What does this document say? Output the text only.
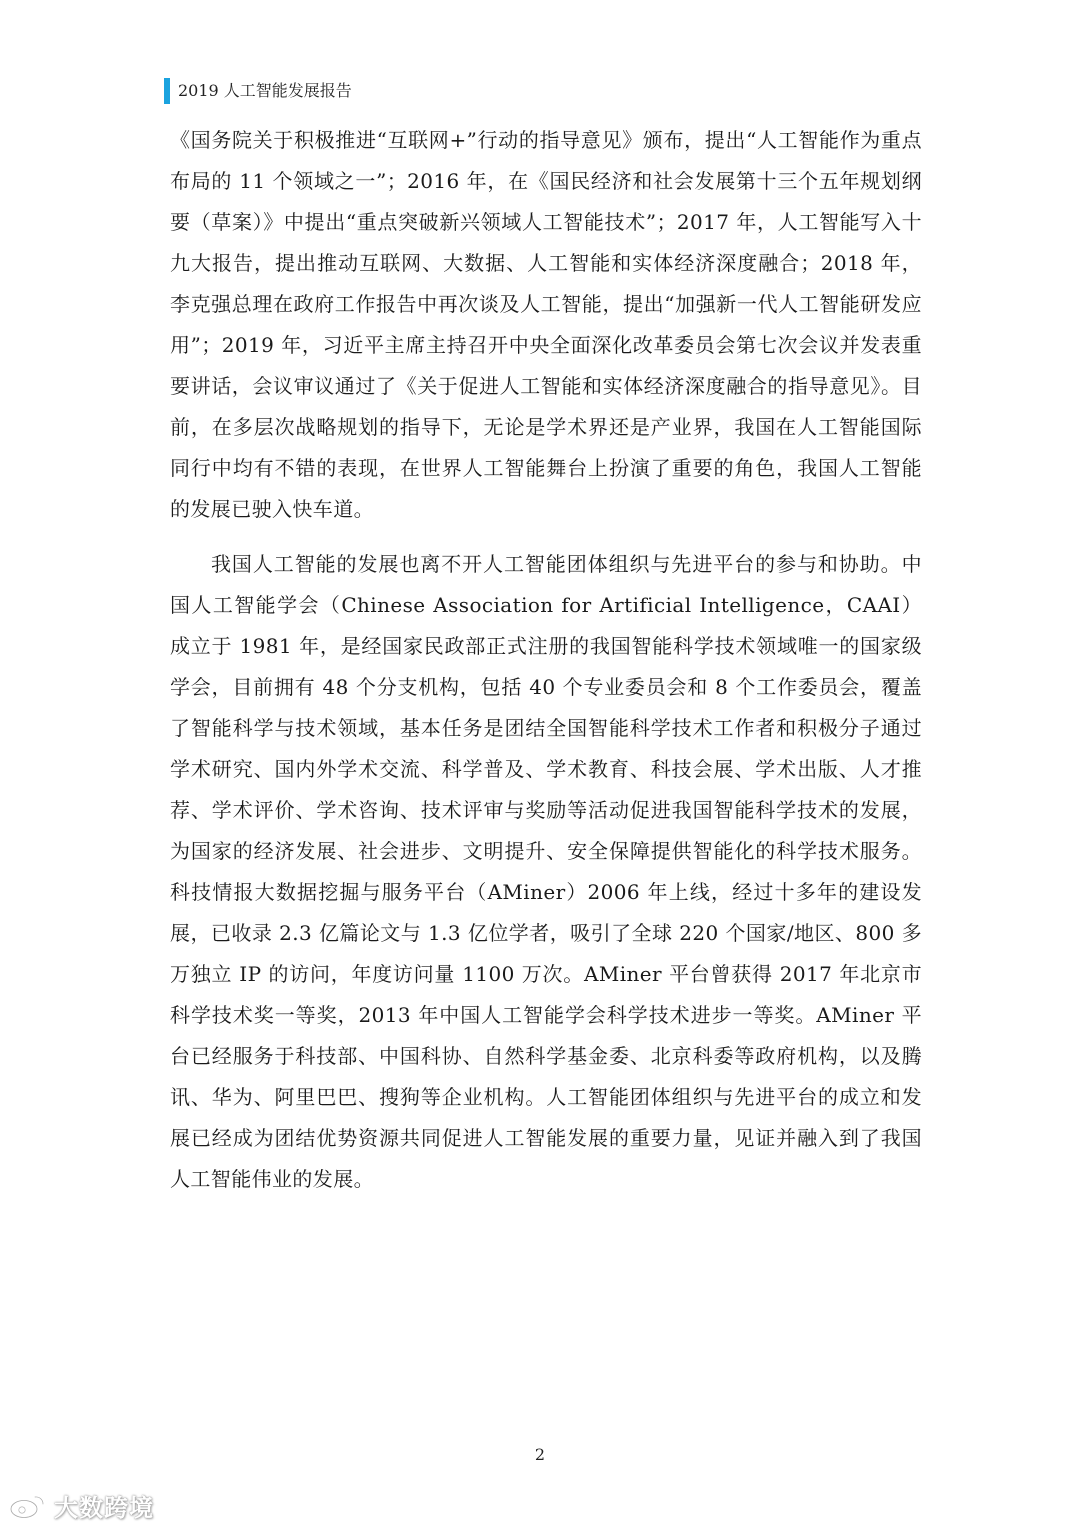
2019 人工智能发展报告

《国务院关于积极推进“互联网+”行动的指导意见》颁布，提出“人工智能作为重点布局的 11 个领域之一”；2016 年，在《国民经济和社会发展第十三个五年规划纲要（草案）》中提出“重点突破新兴领域人工智能技术”；2017 年，人工智能写入十九大报告，提出推动互联网、大数据、人工智能和实体经济深度融合；2018 年，李克强总理在政府工作报告中再次谈及人工智能，提出“加强新一代人工智能研发应用”；2019 年，习近平主席主持召开中央全面深化改革委员会第七次会议并发表重要讲话，会议审议通过了《关于促进人工智能和实体经济深度融合的指导意见》。目前，在多层次战略规划的指导下，无论是学术界还是产业界，我国在人工智能国际同行中均有不错的表现，在世界人工智能舞台上扮演了重要的角色，我国人工智能的发展已驶入快车道。

我国人工智能的发展也离不开人工智能团体组织与先进平台的参与和协助。中国人工智能学会（Chinese Association for Artificial Intelligence，CAAI）成立于 1981 年，是经国家民政部正式注册的我国智能科学技术领域唯一的国家级学会，目前拥有 48 个分支机构，包括 40 个专业委员会和 8 个工作委员会，覆盖了智能科学与技术领域，基本任务是团结全国智能科学技术工作者和积极分子通过学术研究、国内外学术交流、科学普及、学术教育、科技会展、学术出版、人才推荐、学术评价、学术咨询、技术评审与奖励等活动促进我国智能科学技术的发展，为国家的经济发展、社会进步、文明提升、安全保障提供智能化的科学技术服务。科技情报大数据挖掘与服务平台（AMiner）2006 年上线，经过十多年的建设发展，已收录 2.3 亿篇论文与 1.3 亿位学者，吸引了全球 220 个国家/地区、800 多万独立 IP 的访问，年度访问量 1100 万次。AMiner 平台曾获得 2017 年北京市科学技术奖一等奖，2013 年中国人工智能学会科学技术进步一等奖。AMiner 平台已经服务于科技部、中国科协、自然科学基金委、北京科委等政府机构，以及腾讯、华为、阿里巴巴、搜狗等企业机构。人工智能团体组织与先进平台的成立和发展已经成为团结优势资源共同促进人工智能发展的重要力量，见证并融入到了我国人工智能伟业的发展。

2
大数跨境
